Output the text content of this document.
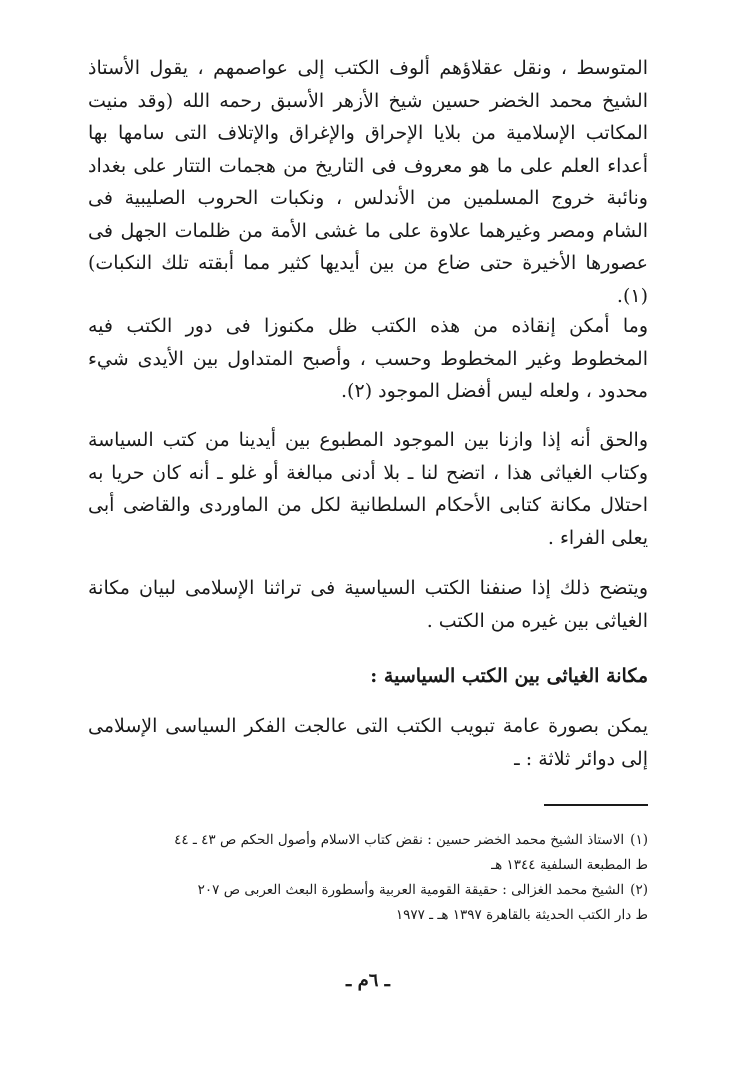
المتوسط ، ونقل عقلاؤهم ألوف الكتب إلى عواصمهم ، يقول الأستاذ الشيخ محمد الخضر حسين شيخ الأزهر الأسبق رحمه الله (وقد منيت المكاتب الإسلامية من بلايا الإحراق والإغراق والإتلاف التى سامها بها أعداء العلم على ما هو معروف فى التاريخ من هجمات التتار على بغداد ونائبة خروج المسلمين من الأندلس ، ونكبات الحروب الصليبية فى الشام ومصر وغيرهما علاوة على ما غشى الأمة من ظلمات الجهل فى عصورها الأخيرة حتى ضاع من بين أيديها كثير مما أبقته تلك النكبات) (١).

وما أمكن إنقاذه من هذه الكتب ظل مكنوزا فى دور الكتب فيه المخطوط وغير المخطوط وحسب ، وأصبح المتداول بين الأيدى شيء محدود ، ولعله ليس أفضل الموجود (٢).

والحق أنه إذا وازنا بين الموجود المطبوع بين أيدينا من كتب السياسة وكتاب الغياثى هذا ، اتضح لنا ـ بلا أدنى مبالغة أو غلو ـ أنه كان حريا به احتلال مكانة كتابى الأحكام السلطانية لكل من الماوردى والقاضى أبى يعلى الفراء .

ويتضح ذلك إذا صنفنا الكتب السياسية فى تراثنا الإسلامى لبيان مكانة الغياثى بين غيره من الكتب .

مكانة الغياثى بين الكتب السياسية :

يمكن بصورة عامة تبويب الكتب التى عالجت الفكر السياسى الإسلامى إلى دوائر ثلاثة : ـ

(١)الاستاذ الشيخ محمد الخضر حسين : نقض كتاب الاسلام وأصول الحكم ص ٤٣ ـ ٤٤
ط المطبعة السلفية ١٣٤٤ هـ

(٢)الشيخ محمد الغزالى : حقيقة القومية العربية وأسطورة البعث العربى ص ٢٠٧
ط دار الكتب الحديثة بالقاهرة ١٣٩٧ هـ ـ ١٩٧٧

ـ ٦م ـ
